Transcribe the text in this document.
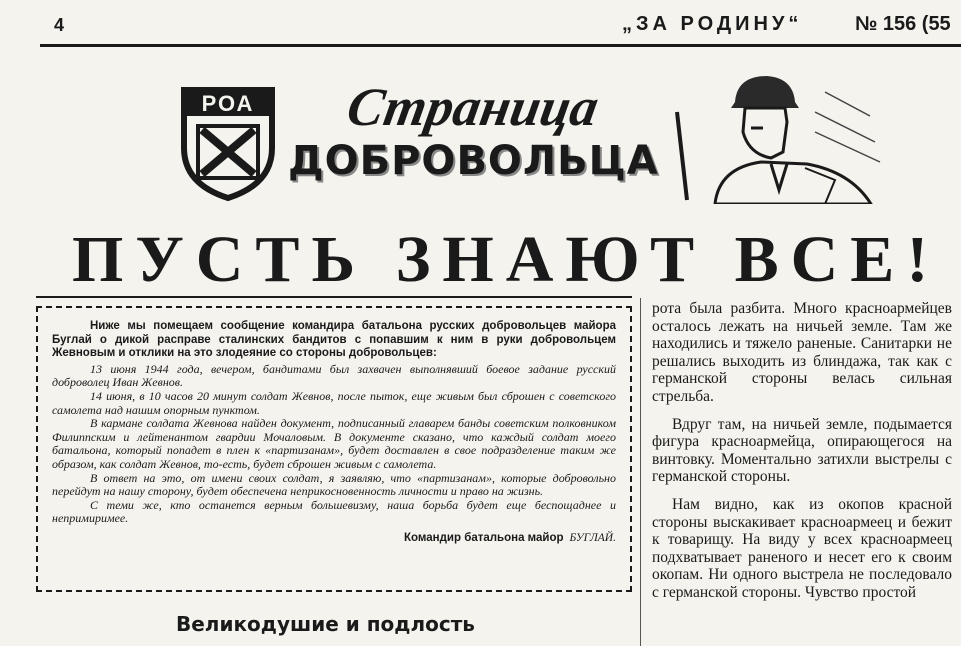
4	„ЗА РОДИНУ“	№ 156 (55
РОА Страница
ДОБРОВОЛЬЦА
ПУСТЬ ЗНАЮТ ВСЕ!

Ниже мы помещаем сообщение командира батальона русских добровольцев майора Буглай о дикой расправе сталинских бандитов с попавшим к ним в руки добровольцем Жевновым и отклики на это злодеяние со стороны добровольцев:

13 июня 1944 года, вечером, бандитами был захвачен выполнявший боевое задание русский доброволец Иван Жевнов.

14 июня, в 10 часов 20 минут солдат Жевнов, после пыток, еще живым был сброшен с советского самолета над нашим опорным пунктом.

В кармане солдата Жевнова найден документ, подписанный главарем банды советским полковником Филиппским и лейтенантом гвардии Мочаловым. В документе сказано, что каждый солдат моего батальона, который попадет в плен к «партизанам», будет доставлен в свое подразделение таким же образом, как солдат Жевнов, то-есть, будет сброшен живым с самолета.

В ответ на это, от имени своих солдат, я заявляю, что «партизанам», которые добровольно перейдут на нашу сторону, будет обеспечена неприкосновенность личности и право на жизнь.

С теми же, кто останется верным большевизму, наша борьба будет еще беспощаднее и непримиримее.

Командир батальона майор БУГЛАЙ.
Великодушие и подлость

рота была разбита. Много красноармейцев осталось лежать на ничьей земле. Там же находились и тяжело раненые. Санитарки не решались выходить из блиндажа, так как с германской стороны велась сильная стрельба.

Вдруг там, на ничьей земле, подымается фигура красноармейца, опирающегося на винтовку. Моментально затихли выстрелы с германской стороны.

Нам видно, как из окопов красной стороны выскакивает красноармеец и бежит к товарищу. На виду у всех красноармеец подхватывает раненого и несет его к своим окопам. Ни одного выстрела не последовало с германской стороны. Чувство простой
